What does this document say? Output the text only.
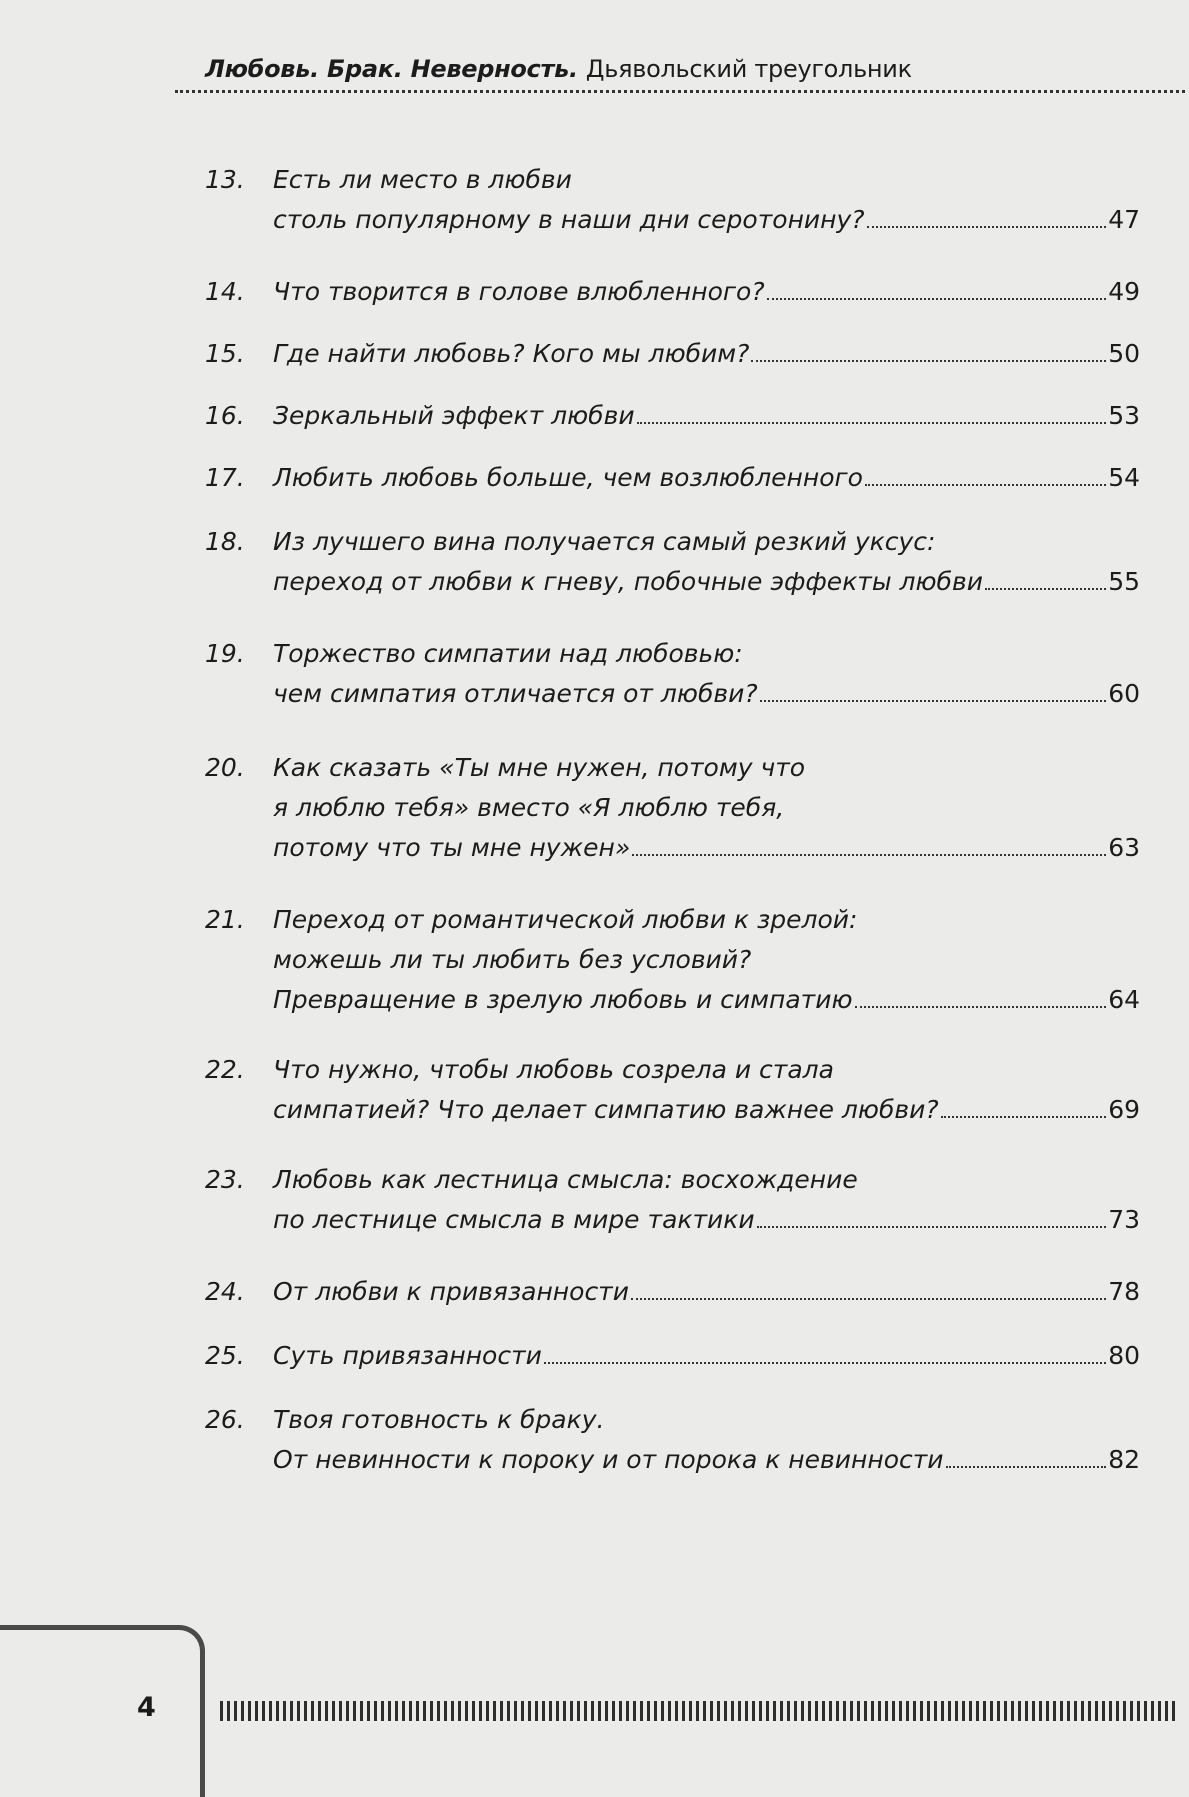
Любовь. Брак. Неверность. Дьявольский треугольник
13.	Есть ли место в любви
столь популярному в наши дни серотонину?	47
14.	Что творится в голове влюбленного?	49
15.	Где найти любовь? Кого мы любим?	50
16.	Зеркальный эффект любви	53
17.	Любить любовь больше, чем возлюбленного	54
18.	Из лучшего вина получается самый резкий уксус:
переход от любви к гневу, побочные эффекты любви	55
19.	Торжество симпатии над любовью:
чем симпатия отличается от любви?	60
20.	Как сказать «Ты мне нужен, потому что
я люблю тебя» вместо «Я люблю тебя,
потому что ты мне нужен»	63
21.	Переход от романтической любви к зрелой:
можешь ли ты любить без условий?
Превращение в зрелую любовь и симпатию	64
22.	Что нужно, чтобы любовь созрела и стала
симпатией? Что делает симпатию важнее любви?	69
23.	Любовь как лестница смысла: восхождение
по лестнице смысла в мире тактики	73
24.	От любви к привязанности	78
25.	Суть привязанности	80
26.	Твоя готовность к браку.
От невинности к пороку и от порока к невинности	82
4
